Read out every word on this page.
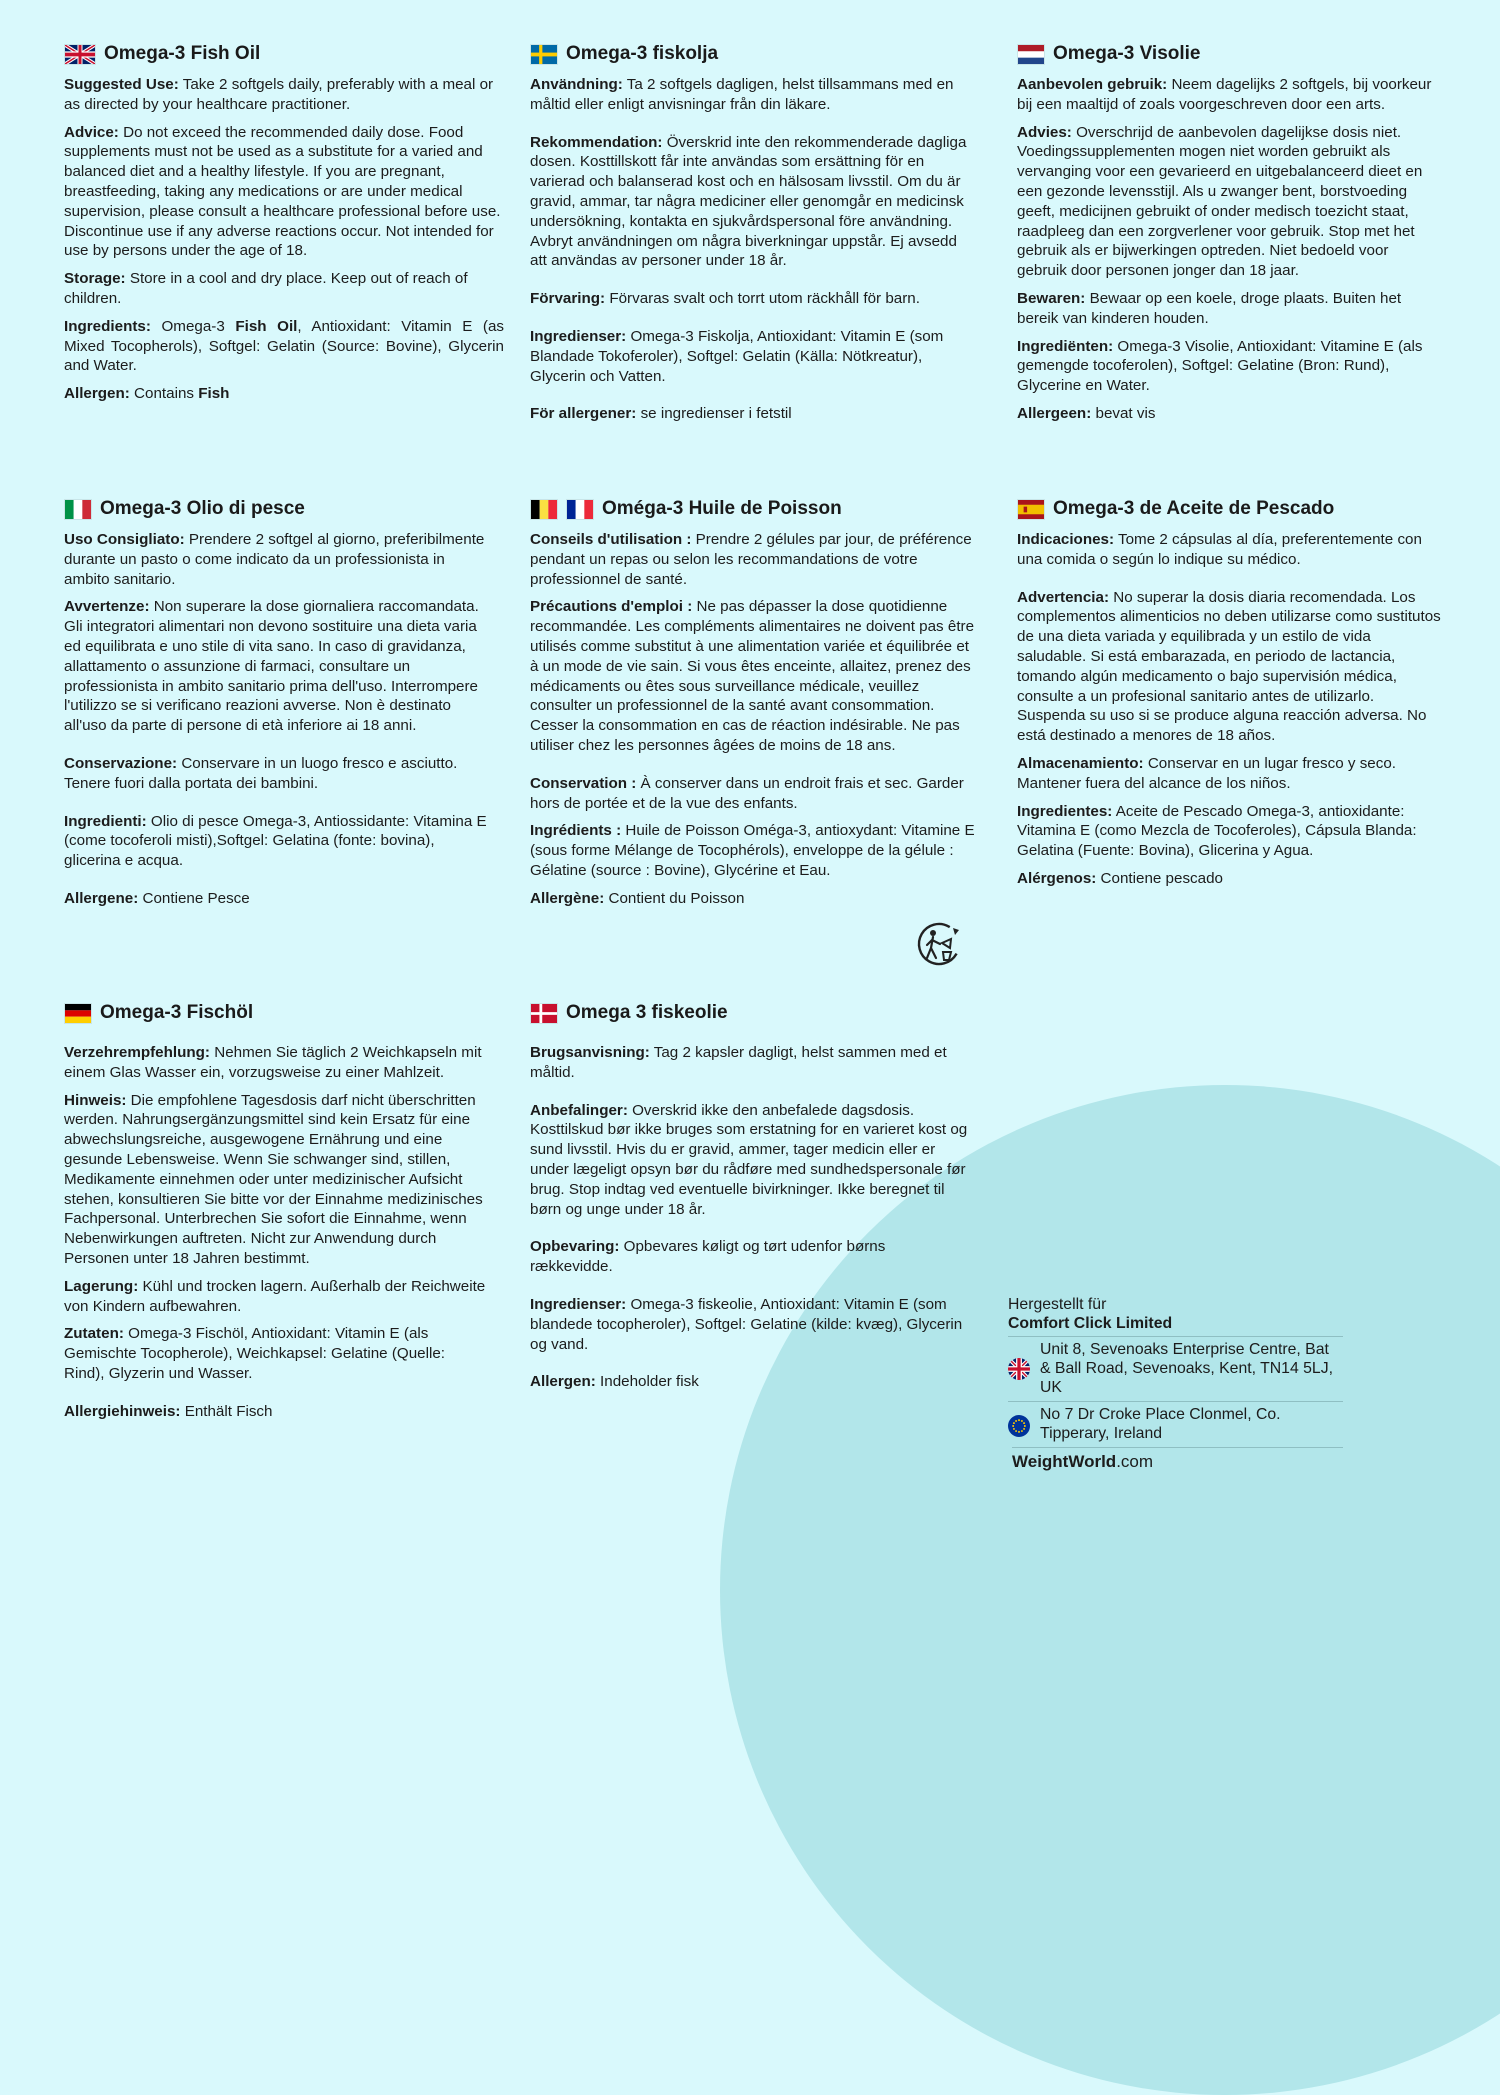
Omega-3 Fish Oil

Suggested Use: Take 2 softgels daily, preferably with a meal or as directed by your healthcare practitioner.

Advice: Do not exceed the recommended daily dose. Food supplements must not be used as a substitute for a varied and balanced diet and a healthy lifestyle. If you are pregnant, breastfeeding, taking any medications or are under medical supervision, please consult a healthcare professional before use. Discontinue use if any adverse reactions occur. Not intended for use by persons under the age of 18.

Storage: Store in a cool and dry place. Keep out of reach of children.

Ingredients: Omega-3 Fish Oil, Antioxidant: Vitamin E (as Mixed Tocopherols), Softgel: Gelatin (Source: Bovine), Glycerin and Water.

Allergen: Contains Fish

Omega-3 fiskolja

Användning: Ta 2 softgels dagligen, helst tillsammans med en måltid eller enligt anvisningar från din läkare.

Rekommendation: Överskrid inte den rekommenderade dagliga dosen. Kosttillskott får inte användas som ersättning för en varierad och balanserad kost och en hälsosam livsstil. Om du är gravid, ammar, tar några mediciner eller genomgår en medicinsk undersökning, kontakta en sjukvårdspersonal före användning. Avbryt användningen om några biverkningar uppstår. Ej avsedd att användas av personer under 18 år.

Förvaring: Förvaras svalt och torrt utom räckhåll för barn.

Ingredienser: Omega-3 Fiskolja, Antioxidant: Vitamin E (som Blandade Tokoferoler), Softgel: Gelatin (Källa: Nötkreatur), Glycerin och Vatten.

För allergener: se ingredienser i fetstil

Omega-3 Visolie

Aanbevolen gebruik: Neem dagelijks 2 softgels, bij voorkeur bij een maaltijd of zoals voorgeschreven door een arts.

Advies: Overschrijd de aanbevolen dagelijkse dosis niet. Voedingssupplementen mogen niet worden gebruikt als vervanging voor een gevarieerd en uitgebalanceerd dieet en een gezonde levensstijl. Als u zwanger bent, borstvoeding geeft, medicijnen gebruikt of onder medisch toezicht staat, raadpleeg dan een zorgverlener voor gebruik. Stop met het gebruik als er bijwerkingen optreden. Niet bedoeld voor gebruik door personen jonger dan 18 jaar.

Bewaren: Bewaar op een koele, droge plaats. Buiten het bereik van kinderen houden.

Ingrediënten: Omega-3 Visolie, Antioxidant: Vitamine E (als gemengde tocoferolen), Softgel: Gelatine (Bron: Rund), Glycerine en Water.

Allergeen: bevat vis

Omega-3 Olio di pesce

Uso Consigliato: Prendere 2 softgel al giorno, preferibilmente durante un pasto o come indicato da un professionista in ambito sanitario.

Avvertenze: Non superare la dose giornaliera raccomandata. Gli integratori alimentari non devono sostituire una dieta varia ed equilibrata e uno stile di vita sano. In caso di gravidanza, allattamento o assunzione di farmaci, consultare un professionista in ambito sanitario prima dell'uso. Interrompere l'utilizzo se si verificano reazioni avverse. Non è destinato all'uso da parte di persone di età inferiore ai 18 anni.

Conservazione: Conservare in un luogo fresco e asciutto. Tenere fuori dalla portata dei bambini.

Ingredienti: Olio di pesce Omega-3, Antiossidante: Vitamina E (come tocoferoli misti),Softgel: Gelatina (fonte: bovina), glicerina e acqua.

Allergene: Contiene Pesce

Oméga-3 Huile de Poisson

Conseils d'utilisation : Prendre 2 gélules par jour, de préférence pendant un repas ou selon les recommandations de votre professionnel de santé.

Précautions d'emploi : Ne pas dépasser la dose quotidienne recommandée. Les compléments alimentaires ne doivent pas être utilisés comme substitut à une alimentation variée et équilibrée et à un mode de vie sain. Si vous êtes enceinte, allaitez, prenez des médicaments ou êtes sous surveillance médicale, veuillez consulter un professionnel de la santé avant consommation. Cesser la consommation en cas de réaction indésirable. Ne pas utiliser chez les personnes âgées de moins de 18 ans.

Conservation : À conserver dans un endroit frais et sec. Garder hors de portée et de la vue des enfants.

Ingrédients : Huile de Poisson Oméga-3, antioxydant: Vitamine E (sous forme Mélange de Tocophérols), enveloppe de la gélule : Gélatine (source : Bovine), Glycérine et Eau.

Allergène: Contient du Poisson

Omega-3 de Aceite de Pescado

Indicaciones: Tome 2 cápsulas al día, preferentemente con una comida o según lo indique su médico.

Advertencia: No superar la dosis diaria recomendada. Los complementos alimenticios no deben utilizarse como sustitutos de una dieta variada y equilibrada y un estilo de vida saludable. Si está embarazada, en periodo de lactancia, tomando algún medicamento o bajo supervisión médica, consulte a un profesional sanitario antes de utilizarlo. Suspenda su uso si se produce alguna reacción adversa. No está destinado a menores de 18 años.

Almacenamiento: Conservar en un lugar fresco y seco. Mantener fuera del alcance de los niños.

Ingredientes: Aceite de Pescado Omega-3, antioxidante: Vitamina E (como Mezcla de Tocoferoles), Cápsula Blanda: Gelatina (Fuente: Bovina), Glicerina y Agua.

Alérgenos: Contiene pescado

Omega-3 Fischöl

Verzehrempfehlung: Nehmen Sie täglich 2 Weichkapseln mit einem Glas Wasser ein, vorzugsweise zu einer Mahlzeit.

Hinweis: Die empfohlene Tagesdosis darf nicht überschritten werden. Nahrungsergänzungsmittel sind kein Ersatz für eine abwechslungsreiche, ausgewogene Ernährung und eine gesunde Lebensweise. Wenn Sie schwanger sind, stillen, Medikamente einnehmen oder unter medizinischer Aufsicht stehen, konsultieren Sie bitte vor der Einnahme medizinisches Fachpersonal. Unterbrechen Sie sofort die Einnahme, wenn Nebenwirkungen auftreten. Nicht zur Anwendung durch Personen unter 18 Jahren bestimmt.

Lagerung: Kühl und trocken lagern. Außerhalb der Reichweite von Kindern aufbewahren.

Zutaten: Omega-3 Fischöl, Antioxidant: Vitamin E (als Gemischte Tocopherole), Weichkapsel: Gelatine (Quelle: Rind), Glyzerin und Wasser.

Allergiehinweis: Enthält Fisch

Omega 3 fiskeolie

Brugsanvisning: Tag 2 kapsler dagligt, helst sammen med et måltid.

Anbefalinger: Overskrid ikke den anbefalede dagsdosis. Kosttilskud bør ikke bruges som erstatning for en varieret kost og sund livsstil. Hvis du er gravid, ammer, tager medicin eller er under lægeligt opsyn bør du rådføre med sundhedspersonale før brug. Stop indtag ved eventuelle bivirkninger. Ikke beregnet til børn og unge under 18 år.

Opbevaring: Opbevares køligt og tørt udenfor børns rækkevidde.

Ingredienser: Omega-3 fiskeolie, Antioxidant: Vitamin E (som blandede tocopheroler), Softgel: Gelatine (kilde: kvæg), Glycerin og vand.

Allergen: Indeholder fisk

Hergestellt für

Comfort Click Limited

Unit 8, Sevenoaks Enterprise Centre, Bat & Ball Road, Sevenoaks, Kent, TN14 5LJ, UK
No 7 Dr Croke Place Clonmel, Co. Tipperary, Ireland
WeightWorld.com
